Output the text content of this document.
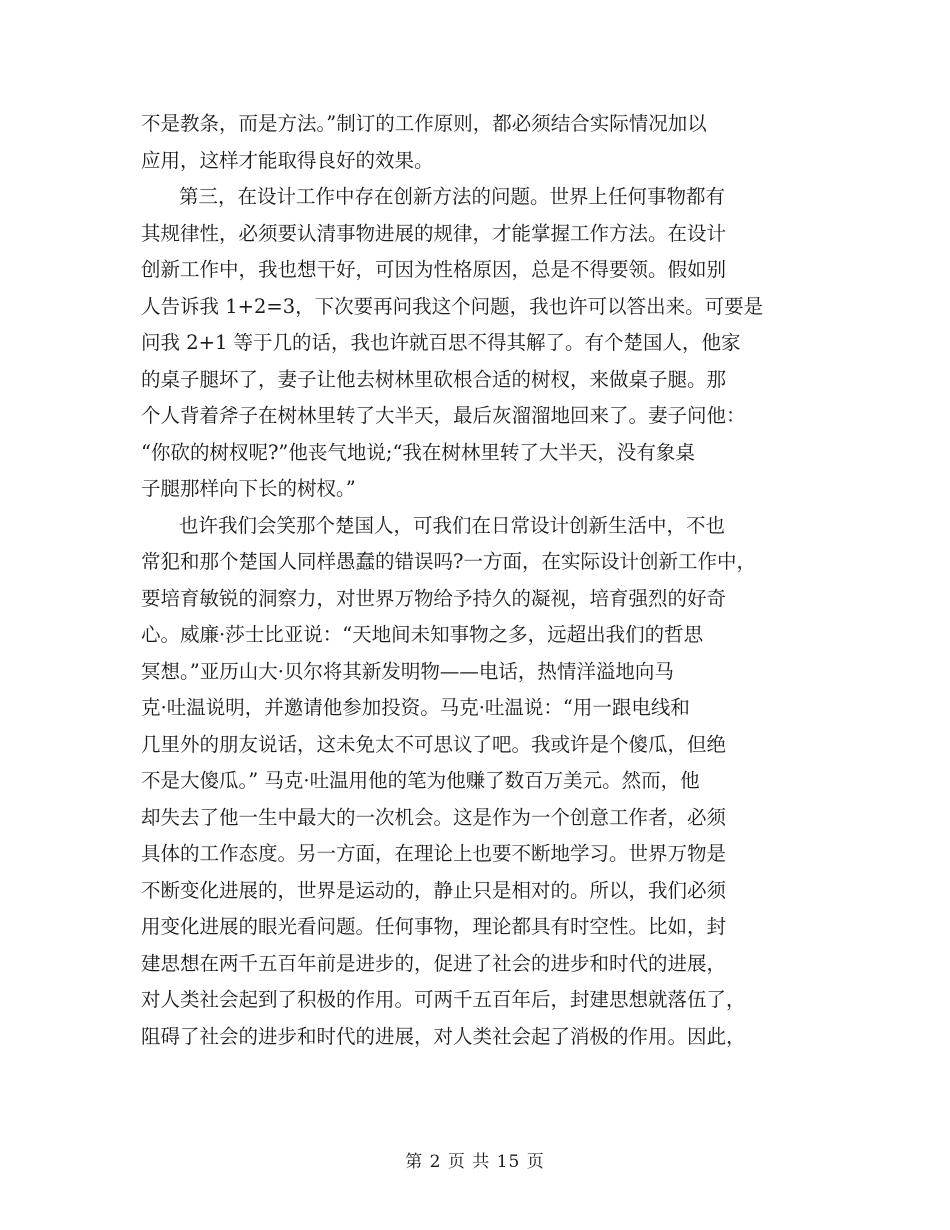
不是教条，而是方法。”制订的工作原则，都必须结合实际情况加以
应用，这样才能取得良好的效果。
第三，在设计工作中存在创新方法的问题。世界上任何事物都有
其规律性，必须要认清事物进展的规律，才能掌握工作方法。在设计
创新工作中，我也想干好，可因为性格原因，总是不得要领。假如别
人告诉我 1+2=3，下次要再问我这个问题，我也许可以答出来。可要是
问我 2+1 等于几的话，我也许就百思不得其解了。有个楚国人，他家
的桌子腿坏了，妻子让他去树林里砍根合适的树杈，来做桌子腿。那
个人背着斧子在树林里转了大半天，最后灰溜溜地回来了。妻子问他：
“你砍的树杈呢?”他丧气地说;“我在树林里转了大半天，没有象桌
子腿那样向下长的树杈。”
也许我们会笑那个楚国人，可我们在日常设计创新生活中，不也
常犯和那个楚国人同样愚蠢的错误吗?一方面，在实际设计创新工作中，
要培育敏锐的洞察力，对世界万物给予持久的凝视，培育强烈的好奇
心。威廉·莎士比亚说：“天地间未知事物之多，远超出我们的哲思
冥想。”亚历山大·贝尔将其新发明物——电话，热情洋溢地向马
克·吐温说明，并邀请他参加投资。马克·吐温说：“用一跟电线和
几里外的朋友说话，这未免太不可思议了吧。我或许是个傻瓜，但绝
不是大傻瓜。” 马克·吐温用他的笔为他赚了数百万美元。然而，他
却失去了他一生中最大的一次机会。这是作为一个创意工作者，必须
具体的工作态度。另一方面，在理论上也要不断地学习。世界万物是
不断变化进展的，世界是运动的，静止只是相对的。所以，我们必须
用变化进展的眼光看问题。任何事物，理论都具有时空性。比如，封
建思想在两千五百年前是进步的，促进了社会的进步和时代的进展，
对人类社会起到了积极的作用。可两千五百年后，封建思想就落伍了，
阻碍了社会的进步和时代的进展，对人类社会起了消极的作用。因此，
第 2 页 共 15 页
